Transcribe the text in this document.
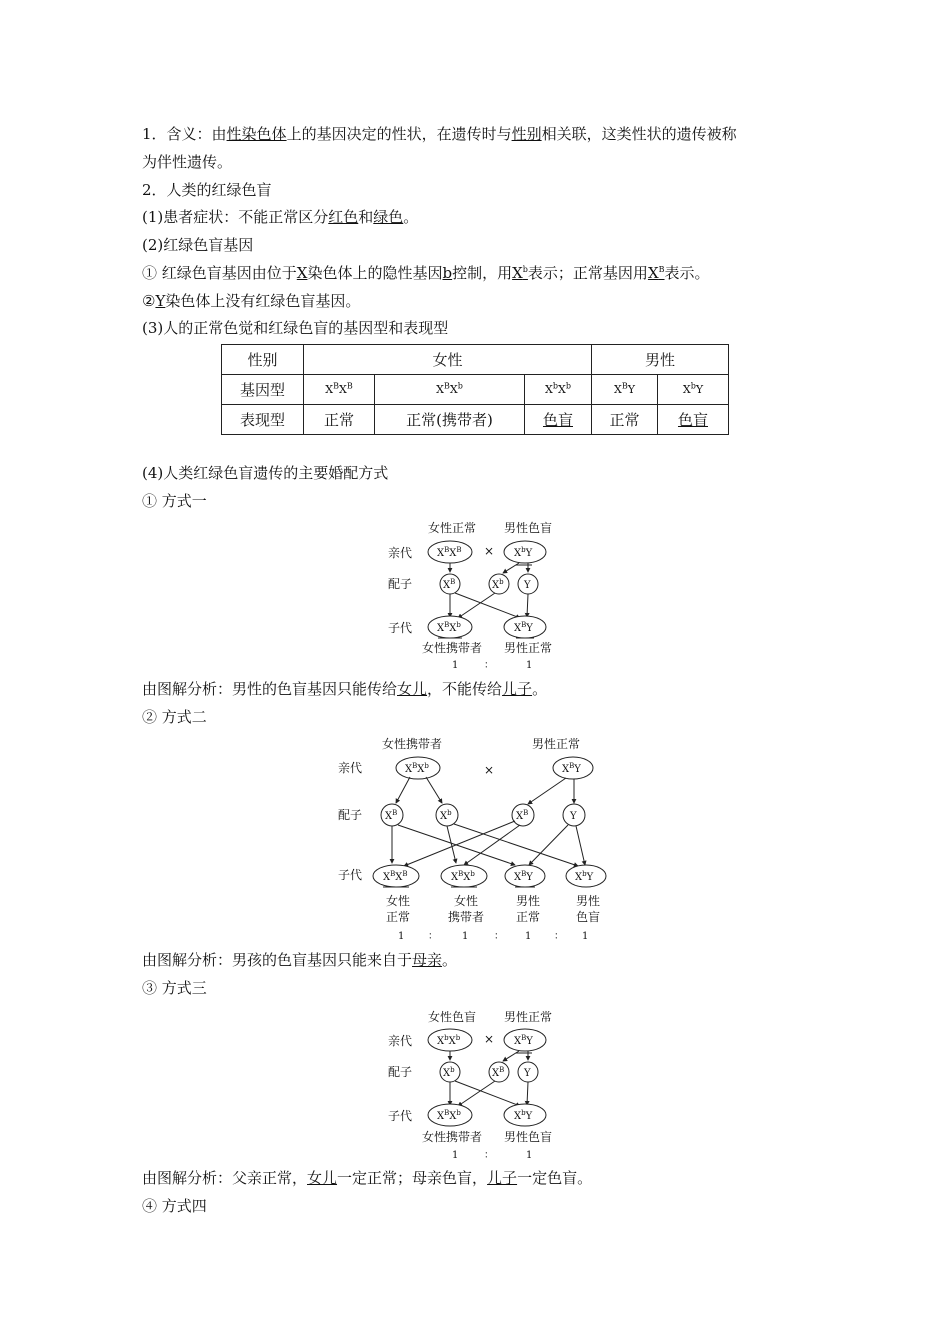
1．含义：由性染色体上的基因决定的性状，在遗传时与性别相关联，这类性状的遗传被称
为伴性遗传。
2．人类的红绿色盲
(1)患者症状：不能正常区分红色和绿色。
(2)红绿色盲基因
① 红绿色盲基因由位于X染色体上的隐性基因b控制，用$X^b$表示；正常基因用$X^B$表示。
②Y染色体上没有红绿色盲基因。
(3)人的正常色觉和红绿色盲的基因型和表现型
性别	女性			男性	
基因型	$X^BX^B$	$X^BX^b$	$X^bX^b$	$X^BY$	$X^bY$
表现型	正常	正常(携带者)	色盲	正常	色盲
(4)人类红绿色盲遗传的主要婚配方式
① 方式一
女性正常 男性色盲
亲代
配子
子代
×
$X^BX^B$	$X^bY$
$X^B$	$X^b$ Y
$X^BX^b$	$X^BY$
女性携带者 男性正常
1	：	1
由图解分析：男性的色盲基因只能传给女儿，不能传给儿子。
② 方式二
女性携带者	男性正常
亲代
配子
子代
×
$X^BX^b$	$X^BY$
$X^B$	$X^b$	$X^B$	Y
$X^BX^B$	$X^BX^b$	$X^BY$	$X^bY$
女性
正常
女性
携带者
男性
正常
男性
色盲
1 ： 1	： 1 ： 1
由图解分析：男孩的色盲基因只能来自于母亲。
③ 方式三
女性色盲 男性正常
亲代
配子
子代
×
$X^bX^b$	$X^BY$
$X^b$	$X^B$ Y
$X^BX^b$	$X^bY$
女性携带者 男性色盲
1	：	1
由图解分析：父亲正常，女儿一定正常；母亲色盲，儿子一定色盲。
④ 方式四
